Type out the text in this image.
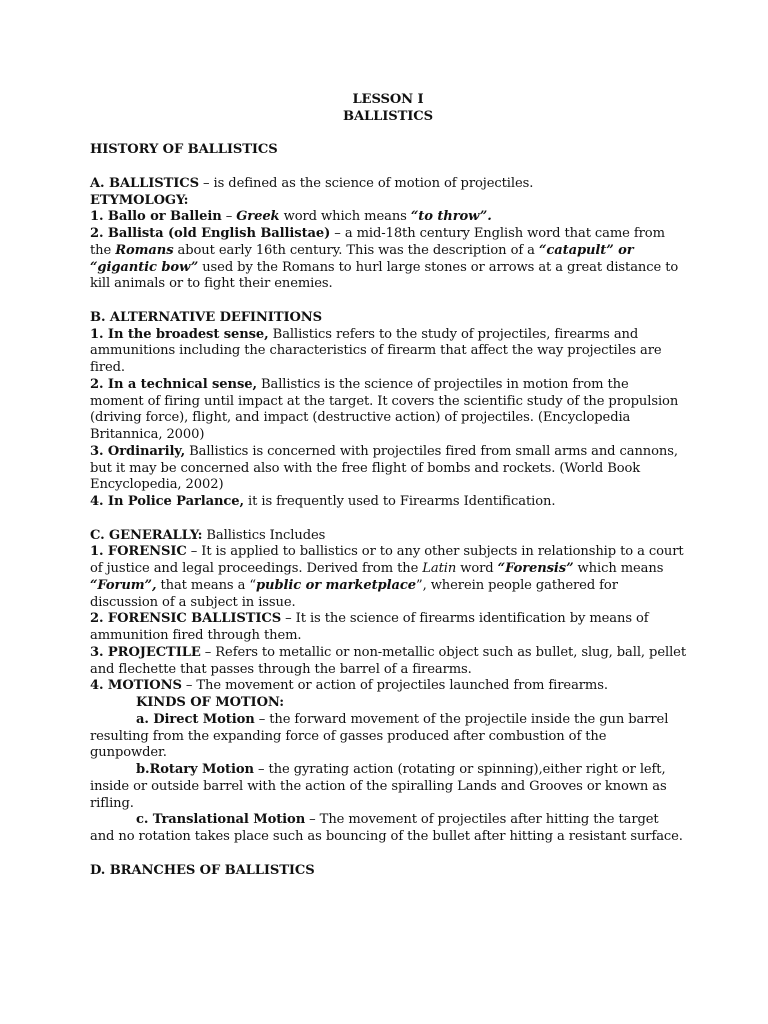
LESSON I
BALLISTICS
HISTORY OF BALLISTICS
A. BALLISTICS – is defined as the science of motion of projectiles.
ETYMOLOGY:
1. Ballo or Ballein – Greek word which means “to throw”.
2. Ballista (old English Ballistae) – a mid-18th century English word that came from the Romans about early 16th century. This was the description of a “catapult” or “gigantic bow” used by the Romans to hurl large stones or arrows at a great distance to kill animals or to fight their enemies.
B. ALTERNATIVE DEFINITIONS
1. In the broadest sense, Ballistics refers to the study of projectiles, firearms and ammunitions including the characteristics of firearm that affect the way projectiles are fired.
2. In a technical sense, Ballistics is the science of projectiles in motion from the moment of firing until impact at the target. It covers the scientific study of the propulsion (driving force), flight, and impact (destructive action) of projectiles. (Encyclopedia Britannica, 2000)
3. Ordinarily, Ballistics is concerned with projectiles fired from small arms and cannons, but it may be concerned also with the free flight of bombs and rockets. (World Book Encyclopedia, 2002)
4. In Police Parlance, it is frequently used to Firearms Identification.
C. GENERALLY: Ballistics Includes
1. FORENSIC – It is applied to ballistics or to any other subjects in relationship to a court of justice and legal proceedings. Derived from the Latin word “Forensis” which means “Forum”, that means a “public or marketplace”, wherein people gathered for discussion of a subject in issue.
2. FORENSIC BALLISTICS – It is the science of firearms identification by means of ammunition fired through them.
3. PROJECTILE – Refers to metallic or non-metallic object such as bullet, slug, ball, pellet and flechette that passes through the barrel of a firearms.
4. MOTIONS – The movement or action of projectiles launched from firearms.
KINDS OF MOTION:
a. Direct Motion – the forward movement of the projectile inside the gun barrel resulting from the expanding force of gasses produced after combustion of the gunpowder.
b.Rotary Motion – the gyrating action (rotating or spinning),either right or left, inside or outside barrel with the action of the spiralling Lands and Grooves or known as rifling.
c. Translational Motion – The movement of projectiles after hitting the target and no rotation takes place such as bouncing of the bullet after hitting a resistant surface.
D. BRANCHES OF BALLISTICS
